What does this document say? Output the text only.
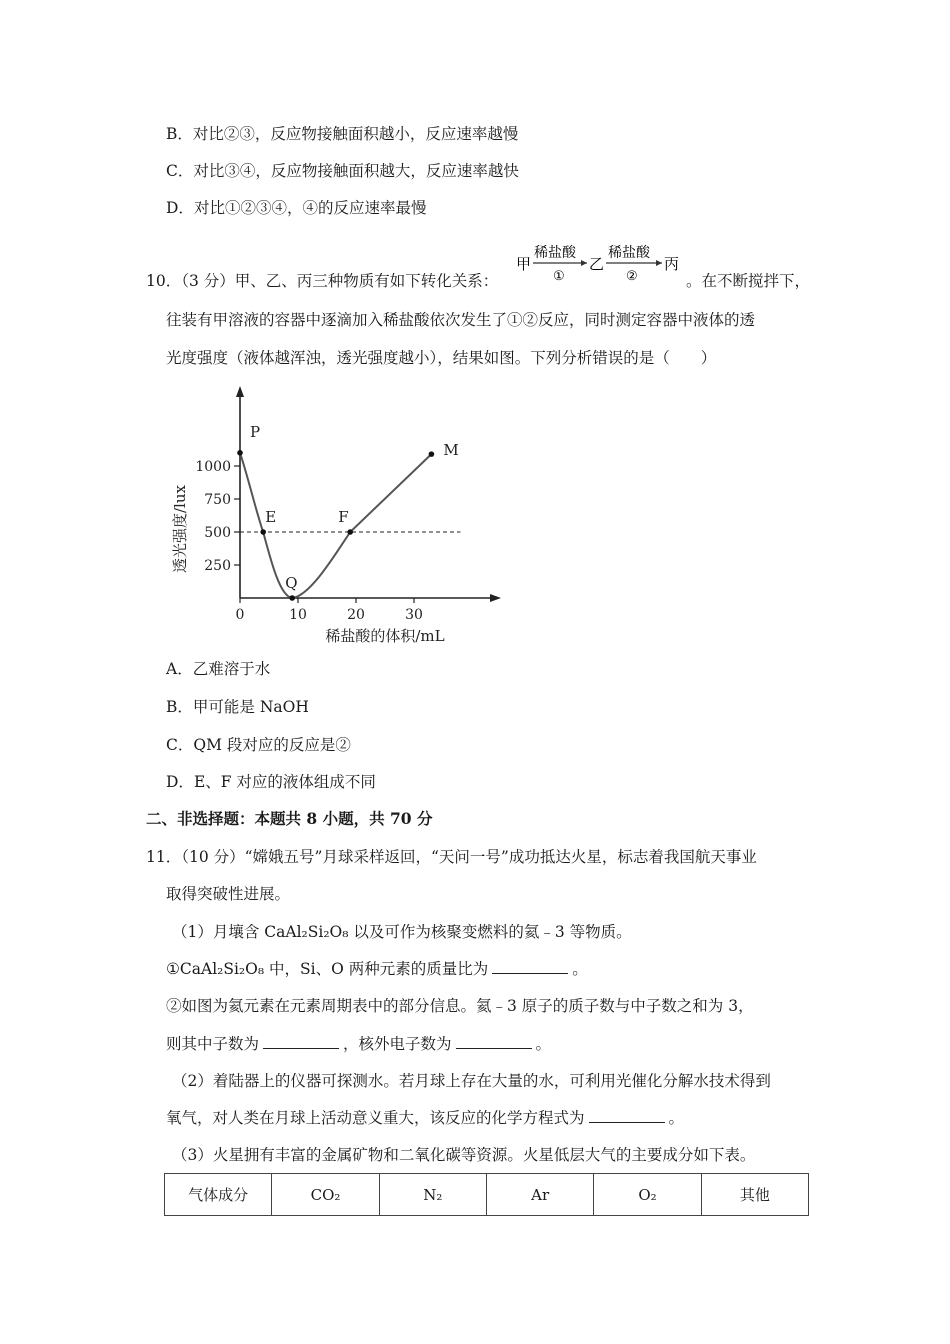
B．对比②③，反应物接触面积越小，反应速率越慢
C．对比③④，反应物接触面积越大，反应速率越快
D．对比①②③④，④的反应速率最慢
10．（3 分）甲、乙、丙三种物质有如下转化关系：
甲
稀盐酸
①
乙
稀盐酸
②
丙
。在不断搅拌下，
往装有甲溶液的容器中逐滴加入稀盐酸依次发生了①②反应，同时测定容器中液体的透
光度强度（液体越浑浊，透光强度越小），结果如图。下列分析错误的是（　　）
250
500
750
1000
0	10	20	30
P
E
Q
F
M
透光强度/lux
稀盐酸的体积/mL
A．乙难溶于水
B．甲可能是 NaOH
C．QM 段对应的反应是②
D．E、F 对应的液体组成不同
二、非选择题：本题共 8 小题，共 70 分
11．（10 分）“嫦娥五号”月球采样返回，“天问一号”成功抵达火星，标志着我国航天事业
取得突破性进展。
（1）月壤含 CaAl₂Si₂O₈ 以及可作为核聚变燃料的氦﹣3 等物质。
①CaAl₂Si₂O₈ 中，Si、O 两种元素的质量比为	。
②如图为氦元素在元素周期表中的部分信息。氦﹣3 原子的质子数与中子数之和为 3，
则其中子数为	，核外电子数为	。
（2）着陆器上的仪器可探测水。若月球上存在大量的水，可利用光催化分解水技术得到
氧气，对人类在月球上活动意义重大，该反应的化学方程式为	。
（3）火星拥有丰富的金属矿物和二氧化碳等资源。火星低层大气的主要成分如下表。
气体成分	CO₂	N₂	Ar	O₂	其他
